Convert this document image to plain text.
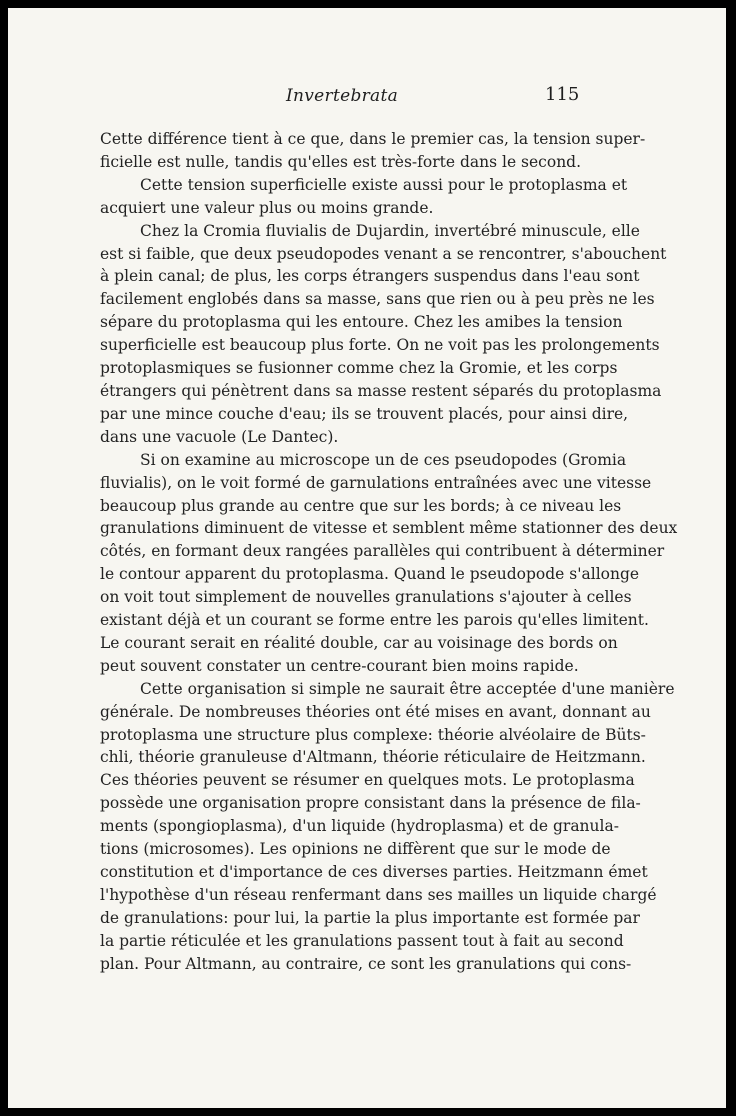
Invertebrata	115
Cette différence tient à ce que, dans le premier cas, la tension super-
ficielle est nulle, tandis qu'elles est très-forte dans le second.
Cette tension superficielle existe aussi pour le protoplasma et
acquiert une valeur plus ou moins grande.
Chez la Cromia fluvialis de Dujardin, invertébré minuscule, elle
est si faible, que deux pseudopodes venant a se rencontrer, s'abouchent
à plein canal; de plus, les corps étrangers suspendus dans l'eau sont
facilement englobés dans sa masse, sans que rien ou à peu près ne les
sépare du protoplasma qui les entoure. Chez les amibes la tension
superficielle est beaucoup plus forte. On ne voit pas les prolongements
protoplasmiques se fusionner comme chez la Gromie, et les corps
étrangers qui pénètrent dans sa masse restent séparés du protoplasma
par une mince couche d'eau; ils se trouvent placés, pour ainsi dire,
dans une vacuole (Le Dantec).
Si on examine au microscope un de ces pseudopodes (Gromia
fluvialis), on le voit formé de garnulations entraînées avec une vitesse
beaucoup plus grande au centre que sur les bords; à ce niveau les
granulations diminuent de vitesse et semblent même stationner des deux
côtés, en formant deux rangées parallèles qui contribuent à déterminer
le contour apparent du protoplasma. Quand le pseudopode s'allonge
on voit tout simplement de nouvelles granulations s'ajouter à celles
existant déjà et un courant se forme entre les parois qu'elles limitent.
Le courant serait en réalité double, car au voisinage des bords on
peut souvent constater un centre-courant bien moins rapide.
Cette organisation si simple ne saurait être acceptée d'une manière
générale. De nombreuses théories ont été mises en avant, donnant au
protoplasma une structure plus complexe: théorie alvéolaire de Büts-
chli, théorie granuleuse d'Altmann, théorie réticulaire de Heitzmann.
Ces théories peuvent se résumer en quelques mots. Le protoplasma
possède une organisation propre consistant dans la présence de fila-
ments (spongioplasma), d'un liquide (hydroplasma) et de granula-
tions (microsomes). Les opinions ne diffèrent que sur le mode de
constitution et d'importance de ces diverses parties. Heitzmann émet
l'hypothèse d'un réseau renfermant dans ses mailles un liquide chargé
de granulations: pour lui, la partie la plus importante est formée par
la partie réticulée et les granulations passent tout à fait au second
plan. Pour Altmann, au contraire, ce sont les granulations qui cons-
